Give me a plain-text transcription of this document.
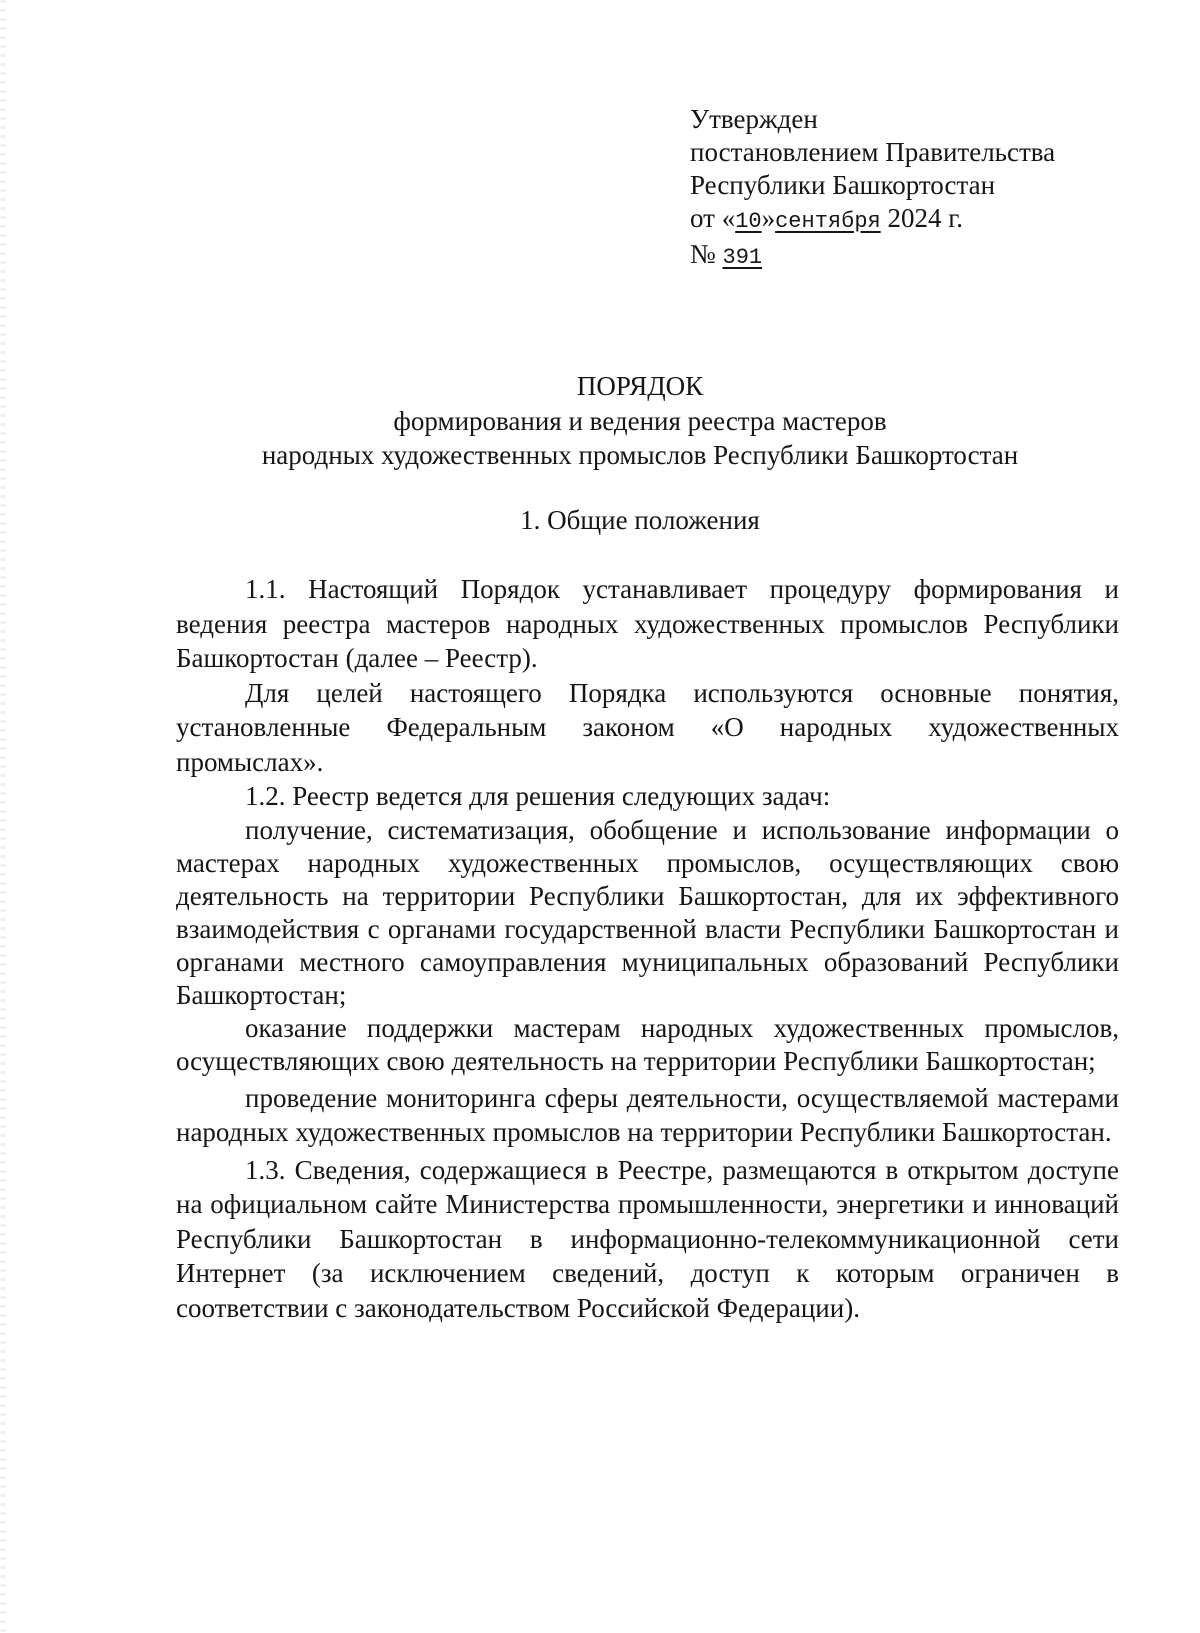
Утвержден
постановлением Правительства
Республики Башкортостан
от «10»сентября 2024 г.
№ 391
ПОРЯДОК
формирования и ведения реестра мастеров
народных художественных промыслов Республики Башкортостан
1. Общие положения

1.1. Настоящий Порядок устанавливает процедуру формирования и ведения реестра мастеров народных художественных промыслов Республики Башкортостан (далее – Реестр).

Для целей настоящего Порядка используются основные понятия, установленные Федеральным законом «О народных художественных промыслах».

1.2. Реестр ведется для решения следующих задач:

получение, систематизация, обобщение и использование информации о мастерах народных художественных промыслов, осуществляющих свою деятельность на территории Республики Башкортостан, для их эффективного взаимодействия с органами государственной власти Республики Башкортостан и органами местного самоуправления муниципальных образований Республики Башкортостан;

оказание поддержки мастерам народных художественных промыслов, осуществляющих свою деятельность на территории Республики Башкортостан;

проведение мониторинга сферы деятельности, осуществляемой мастерами народных художественных промыслов на территории Республики Башкортостан.

1.3. Сведения, содержащиеся в Реестре, размещаются в открытом доступе на официальном сайте Министерства промышленности, энергетики и инноваций Республики Башкортостан в информационно-телекоммуникационной сети Интернет (за исключением сведений, доступ к которым ограничен в соответствии с законодательством Российской Федерации).
